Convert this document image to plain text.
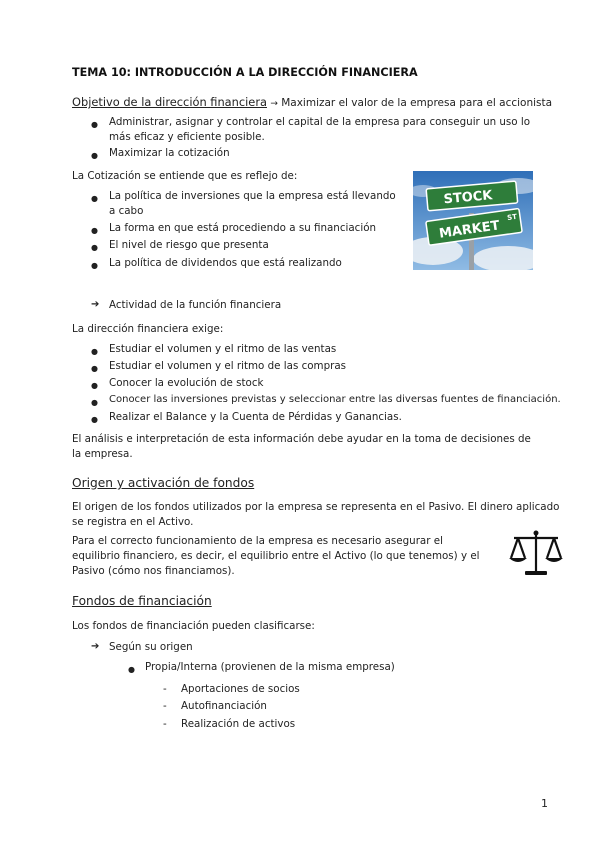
TEMA 10: INTRODUCCIÓN A LA DIRECCIÓN FINANCIERA
Objetivo de la dirección financiera → Maximizar el valor de la empresa para el accionista
● Administrar, asignar y controlar el capital de la empresa para conseguir un uso lo más eficaz y eficiente posible.
● Maximizar la cotización
La Cotización se entiende que es reflejo de:
● La política de inversiones que la empresa está llevando a cabo
● La forma en que está procediendo a su financiación
● El nivel de riesgo que presenta
● La política de dividendos que está realizando
STOCK
MARKET
ST
➔ Actividad de la función financiera
La dirección financiera exige:
● Estudiar el volumen y el ritmo de las ventas
● Estudiar el volumen y el ritmo de las compras
● Conocer la evolución de stock
● Conocer las inversiones previstas y seleccionar entre las diversas fuentes de financiación.
● Realizar el Balance y la Cuenta de Pérdidas y Ganancias.
El análisis e interpretación de esta información debe ayudar en la toma de decisiones de la empresa.
Origen y activación de fondos
El origen de los fondos utilizados por la empresa se representa en el Pasivo. El dinero aplicado se registra en el Activo.
Para el correcto funcionamiento de la empresa es necesario asegurar el equilibrio financiero, es decir, el equilibrio entre el Activo (lo que tenemos) y el Pasivo (cómo nos financiamos).
Fondos de financiación
Los fondos de financiación pueden clasificarse:
➔ Según su origen
● Propia/Interna (provienen de la misma empresa)
- Aportaciones de socios
- Autofinanciación
- Realización de activos
1
